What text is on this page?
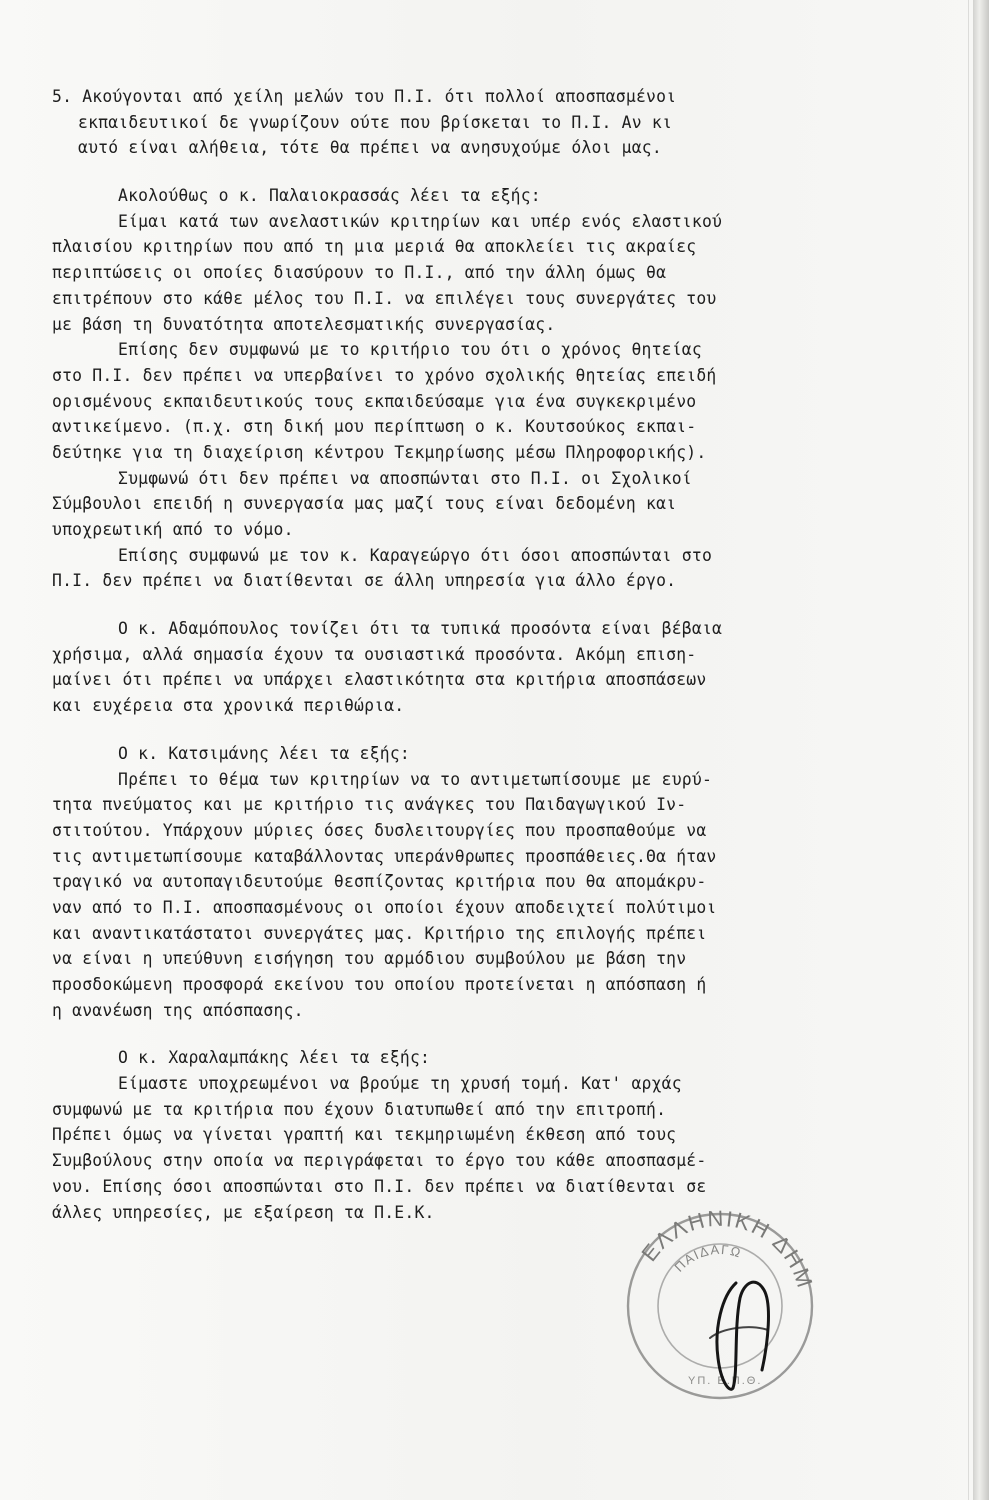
5. Ακούγονται από χείλη μελών του Π.Ι. ότι πολλοί αποσπασμένοι
εκπαιδευτικοί δε γνωρίζουν ούτε που βρίσκεται το Π.Ι. Αν κι
αυτό είναι αλήθεια, τότε θα πρέπει να ανησυχούμε όλοι μας.
Ακολούθως ο κ. Παλαιοκρασσάς λέει τα εξής:
Είμαι κατά των ανελαστικών κριτηρίων και υπέρ ενός ελαστικού
πλαισίου κριτηρίων που από τη μια μεριά θα αποκλείει τις ακραίες
περιπτώσεις οι οποίες διασύρουν το Π.Ι., από την άλλη όμως θα
επιτρέπουν στο κάθε μέλος του Π.Ι. να επιλέγει τους συνεργάτες του
με βάση τη δυνατότητα αποτελεσματικής συνεργασίας.
Επίσης δεν συμφωνώ με το κριτήριο του ότι ο χρόνος θητείας
στο Π.Ι. δεν πρέπει να υπερβαίνει το χρόνο σχολικής θητείας επειδή
ορισμένους εκπαιδευτικούς τους εκπαιδεύσαμε για ένα συγκεκριμένο
αντικείμενο. (π.χ. στη δική μου περίπτωση ο κ. Κουτσούκος εκπαι-
δεύτηκε για τη διαχείριση κέντρου Τεκμηρίωσης μέσω Πληροφορικής).
Συμφωνώ ότι δεν πρέπει να αποσπώνται στο Π.Ι. οι Σχολικοί
Σύμβουλοι επειδή η συνεργασία μας μαζί τους είναι δεδομένη και
υποχρεωτική από το νόμο.
Επίσης συμφωνώ με τον κ. Καραγεώργο ότι όσοι αποσπώνται στο
Π.Ι. δεν πρέπει να διατίθενται σε άλλη υπηρεσία για άλλο έργο.
Ο κ. Αδαμόπουλος τονίζει ότι τα τυπικά προσόντα είναι βέβαια
χρήσιμα, αλλά σημασία έχουν τα ουσιαστικά προσόντα. Ακόμη επιση-
μαίνει ότι πρέπει να υπάρχει ελαστικότητα στα κριτήρια αποσπάσεων
και ευχέρεια στα χρονικά περιθώρια.
Ο κ. Κατσιμάνης λέει τα εξής:
Πρέπει το θέμα των κριτηρίων να το αντιμετωπίσουμε με ευρύ-
τητα πνεύματος και με κριτήριο τις ανάγκες του Παιδαγωγικού Ιν-
στιτούτου. Υπάρχουν μύριες όσες δυσλειτουργίες που προσπαθούμε να
τις αντιμετωπίσουμε καταβάλλοντας υπεράνθρωπες προσπάθειες.Θα ήταν
τραγικό να αυτοπαγιδευτούμε θεσπίζοντας κριτήρια που θα απομάκρυ-
ναν από το Π.Ι. αποσπασμένους οι οποίοι έχουν αποδειχτεί πολύτιμοι
και αναντικατάστατοι συνεργάτες μας. Κριτήριο της επιλογής πρέπει
να είναι η υπεύθυνη εισήγηση του αρμόδιου συμβούλου με βάση την
προσδοκώμενη προσφορά εκείνου του οποίου προτείνεται η απόσπαση ή
η ανανέωση της απόσπασης.
Ο κ. Χαραλαμπάκης λέει τα εξής:
Είμαστε υποχρεωμένοι να βρούμε τη χρυσή τομή. Κατ' αρχάς
συμφωνώ με τα κριτήρια που έχουν διατυπωθεί από την επιτροπή.
Πρέπει όμως να γίνεται γραπτή και τεκμηριωμένη έκθεση από τους
Συμβούλους στην οποία να περιγράφεται το έργο του κάθε αποσπασμέ-
νου. Επίσης όσοι αποσπώνται στο Π.Ι. δεν πρέπει να διατίθενται σε
άλλες υπηρεσίες, με εξαίρεση τα Π.Ε.Κ.
ΕΛΛΗΝΙΚΗ ΔΗΜ
ΠΑΙΔΑΓΩ
ΥΠ. Ε.Π.Θ.
